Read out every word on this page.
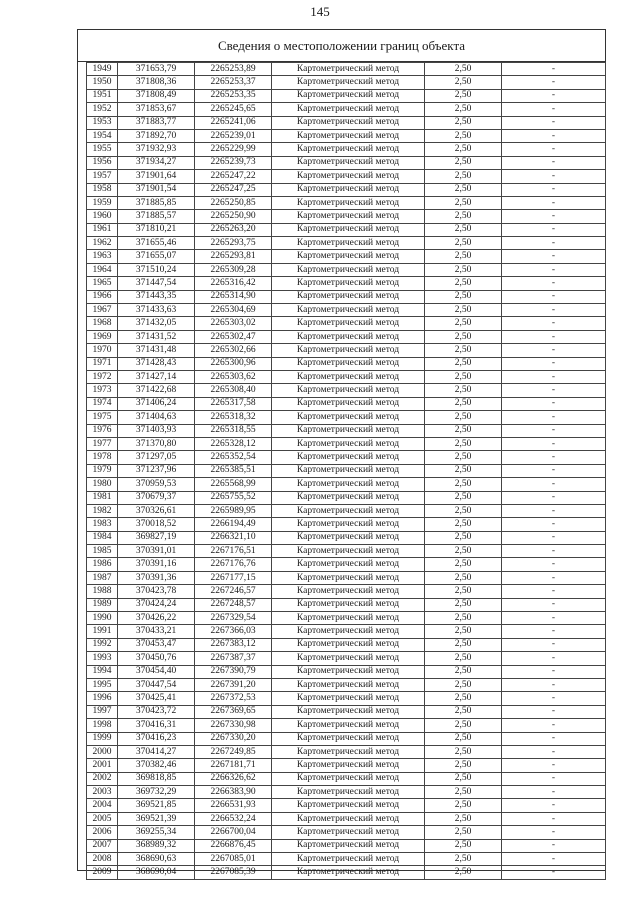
145
Сведения о местоположении границ объекта
1949	371653,79	2265253,89	Картометрический метод	2,50	-
1950	371808,36	2265253,37	Картометрический метод	2,50	-
1951	371808,49	2265253,35	Картометрический метод	2,50	-
1952	371853,67	2265245,65	Картометрический метод	2,50	-
1953	371883,77	2265241,06	Картометрический метод	2,50	-
1954	371892,70	2265239,01	Картометрический метод	2,50	-
1955	371932,93	2265229,99	Картометрический метод	2,50	-
1956	371934,27	2265239,73	Картометрический метод	2,50	-
1957	371901,64	2265247,22	Картометрический метод	2,50	-
1958	371901,54	2265247,25	Картометрический метод	2,50	-
1959	371885,85	2265250,85	Картометрический метод	2,50	-
1960	371885,57	2265250,90	Картометрический метод	2,50	-
1961	371810,21	2265263,20	Картометрический метод	2,50	-
1962	371655,46	2265293,75	Картометрический метод	2,50	-
1963	371655,07	2265293,81	Картометрический метод	2,50	-
1964	371510,24	2265309,28	Картометрический метод	2,50	-
1965	371447,54	2265316,42	Картометрический метод	2,50	-
1966	371443,35	2265314,90	Картометрический метод	2,50	-
1967	371433,63	2265304,69	Картометрический метод	2,50	-
1968	371432,05	2265303,02	Картометрический метод	2,50	-
1969	371431,52	2265302,47	Картометрический метод	2,50	-
1970	371431,48	2265302,66	Картометрический метод	2,50	-
1971	371428,43	2265300,96	Картометрический метод	2,50	-
1972	371427,14	2265303,62	Картометрический метод	2,50	-
1973	371422,68	2265308,40	Картометрический метод	2,50	-
1974	371406,24	2265317,58	Картометрический метод	2,50	-
1975	371404,63	2265318,32	Картометрический метод	2,50	-
1976	371403,93	2265318,55	Картометрический метод	2,50	-
1977	371370,80	2265328,12	Картометрический метод	2,50	-
1978	371297,05	2265352,54	Картометрический метод	2,50	-
1979	371237,96	2265385,51	Картометрический метод	2,50	-
1980	370959,53	2265568,99	Картометрический метод	2,50	-
1981	370679,37	2265755,52	Картометрический метод	2,50	-
1982	370326,61	2265989,95	Картометрический метод	2,50	-
1983	370018,52	2266194,49	Картометрический метод	2,50	-
1984	369827,19	2266321,10	Картометрический метод	2,50	-
1985	370391,01	2267176,51	Картометрический метод	2,50	-
1986	370391,16	2267176,76	Картометрический метод	2,50	-
1987	370391,36	2267177,15	Картометрический метод	2,50	-
1988	370423,78	2267246,57	Картометрический метод	2,50	-
1989	370424,24	2267248,57	Картометрический метод	2,50	-
1990	370426,22	2267329,54	Картометрический метод	2,50	-
1991	370433,21	2267366,03	Картометрический метод	2,50	-
1992	370453,47	2267383,12	Картометрический метод	2,50	-
1993	370450,76	2267387,37	Картометрический метод	2,50	-
1994	370454,40	2267390,79	Картометрический метод	2,50	-
1995	370447,54	2267391,20	Картометрический метод	2,50	-
1996	370425,41	2267372,53	Картометрический метод	2,50	-
1997	370423,72	2267369,65	Картометрический метод	2,50	-
1998	370416,31	2267330,98	Картометрический метод	2,50	-
1999	370416,23	2267330,20	Картометрический метод	2,50	-
2000	370414,27	2267249,85	Картометрический метод	2,50	-
2001	370382,46	2267181,71	Картометрический метод	2,50	-
2002	369818,85	2266326,62	Картометрический метод	2,50	-
2003	369732,29	2266383,90	Картометрический метод	2,50	-
2004	369521,85	2266531,93	Картометрический метод	2,50	-
2005	369521,39	2266532,24	Картометрический метод	2,50	-
2006	369255,34	2266700,04	Картометрический метод	2,50	-
2007	368989,32	2266876,45	Картометрический метод	2,50	-
2008	368690,63	2267085,01	Картометрический метод	2,50	-
2009	368690,04	2267085,39	Картометрический метод	2,50	-
